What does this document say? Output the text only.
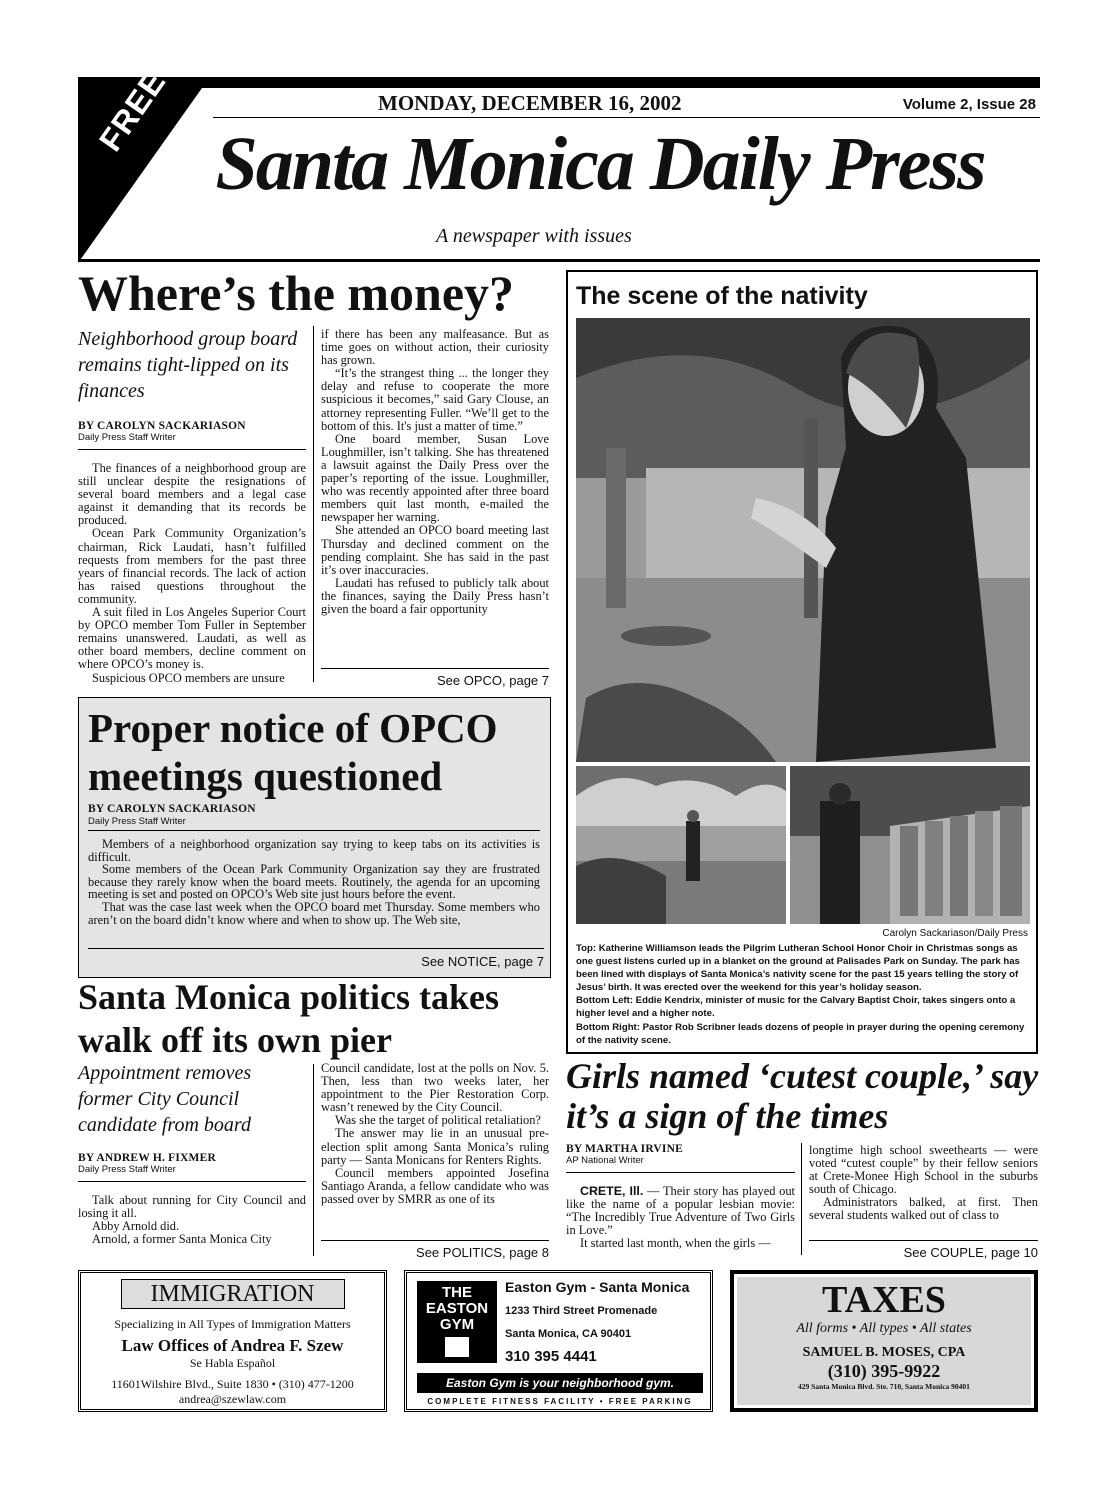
FREE	MONDAY, DECEMBER 16, 2002	Volume 2, Issue 28
Santa Monica Daily Press
A newspaper with issues
Where’s the money?
Neighborhood group board remains tight-lipped on its finances
BY CAROLYN SACKARIASON
Daily Press Staff Writer

The finances of a neighborhood group are still unclear despite the resignations of several board members and a legal case against it demanding that its records be produced.

Ocean Park Community Organization’s chairman, Rick Laudati, hasn’t fulfilled requests from members for the past three years of financial records. The lack of action has raised questions throughout the community.

A suit filed in Los Angeles Superior Court by OPCO member Tom Fuller in September remains unanswered. Laudati, as well as other board members, decline comment on where OPCO’s money is.

Suspicious OPCO members are unsure

if there has been any malfeasance. But as time goes on without action, their curiosity has grown.

“It’s the strangest thing ... the longer they delay and refuse to cooperate the more suspicious it becomes,” said Gary Clouse, an attorney representing Fuller. “We’ll get to the bottom of this. It's just a matter of time.”

One board member, Susan Love Loughmiller, isn’t talking. She has threatened a lawsuit against the Daily Press over the paper’s reporting of the issue. Loughmiller, who was recently appointed after three board members quit last month, e-mailed the newspaper her warning.

She attended an OPCO board meeting last Thursday and declined comment on the pending complaint. She has said in the past it’s over inaccuracies.

Laudati has refused to publicly talk about the finances, saying the Daily Press hasn’t given the board a fair opportunity

See OPCO, page 7
Proper notice of OPCO meetings questioned
BY CAROLYN SACKARIASON
Daily Press Staff Writer

Members of a neighborhood organization say trying to keep tabs on its activities is difficult.

Some members of the Ocean Park Community Organization say they are frustrated because they rarely know when the board meets. Routinely, the agenda for an upcoming meeting is set and posted on OPCO’s Web site just hours before the event.

That was the case last week when the OPCO board met Thursday. Some members who aren’t on the board didn’t know where and when to show up. The Web site,

See NOTICE, page 7
Santa Monica politics takes walk off its own pier
Appointment removes former City Council candidate from board
BY ANDREW H. FIXMER
Daily Press Staff Writer

Talk about running for City Council and losing it all.

Abby Arnold did.

Arnold, a former Santa Monica City

Council candidate, lost at the polls on Nov. 5. Then, less than two weeks later, her appointment to the Pier Restoration Corp. wasn’t renewed by the City Council.

Was she the target of political retaliation?

The answer may lie in an unusual pre-election split among Santa Monica’s ruling party — Santa Monicans for Renters Rights.

Council members appointed Josefina Santiago Aranda, a fellow candidate who was passed over by SMRR as one of its

See POLITICS, page 8
The scene of the nativity
Carolyn Sackariason/Daily Press
Top: Katherine Williamson leads the Pilgrim Lutheran School Honor Choir in Christmas songs as one guest listens curled up in a blanket on the ground at Palisades Park on Sunday. The park has been lined with displays of Santa Monica’s nativity scene for the past 15 years telling the story of Jesus’ birth. It was erected over the weekend for this year’s holiday season.
Bottom Left: Eddie Kendrix, minister of music for the Calvary Baptist Choir, takes singers onto a higher level and a higher note.
Bottom Right: Pastor Rob Scribner leads dozens of people in prayer during the opening ceremony of the nativity scene.
Girls named ‘cutest couple,’ say it’s a sign of the times
BY MARTHA IRVINE
AP National Writer

CRETE, Ill. — Their story has played out like the name of a popular lesbian movie: “The Incredibly True Adventure of Two Girls in Love.”

It started last month, when the girls —

longtime high school sweethearts — were voted “cutest couple” by their fellow seniors at Crete-Monee High School in the suburbs south of Chicago.

Administrators balked, at first. Then several students walked out of class to

See COUPLE, page 10
IMMIGRATION
Specializing in All Types of Immigration Matters
Law Offices of Andrea F. Szew
Se Habla Español
11601Wilshire Blvd., Suite 1830 • (310) 477-1200
andrea@szewlaw.com
THE
EASTON
GYM
Easton Gym - Santa Monica
1233 Third Street Promenade
Santa Monica, CA 90401
310 395 4441
Easton Gym is your neighborhood gym.
COMPLETE FITNESS FACILITY • FREE PARKING
TAXES
All forms • All types • All states
SAMUEL B. MOSES, CPA
(310) 395-9922
429 Santa Monica Blvd. Ste. 710, Santa Monica 90401
